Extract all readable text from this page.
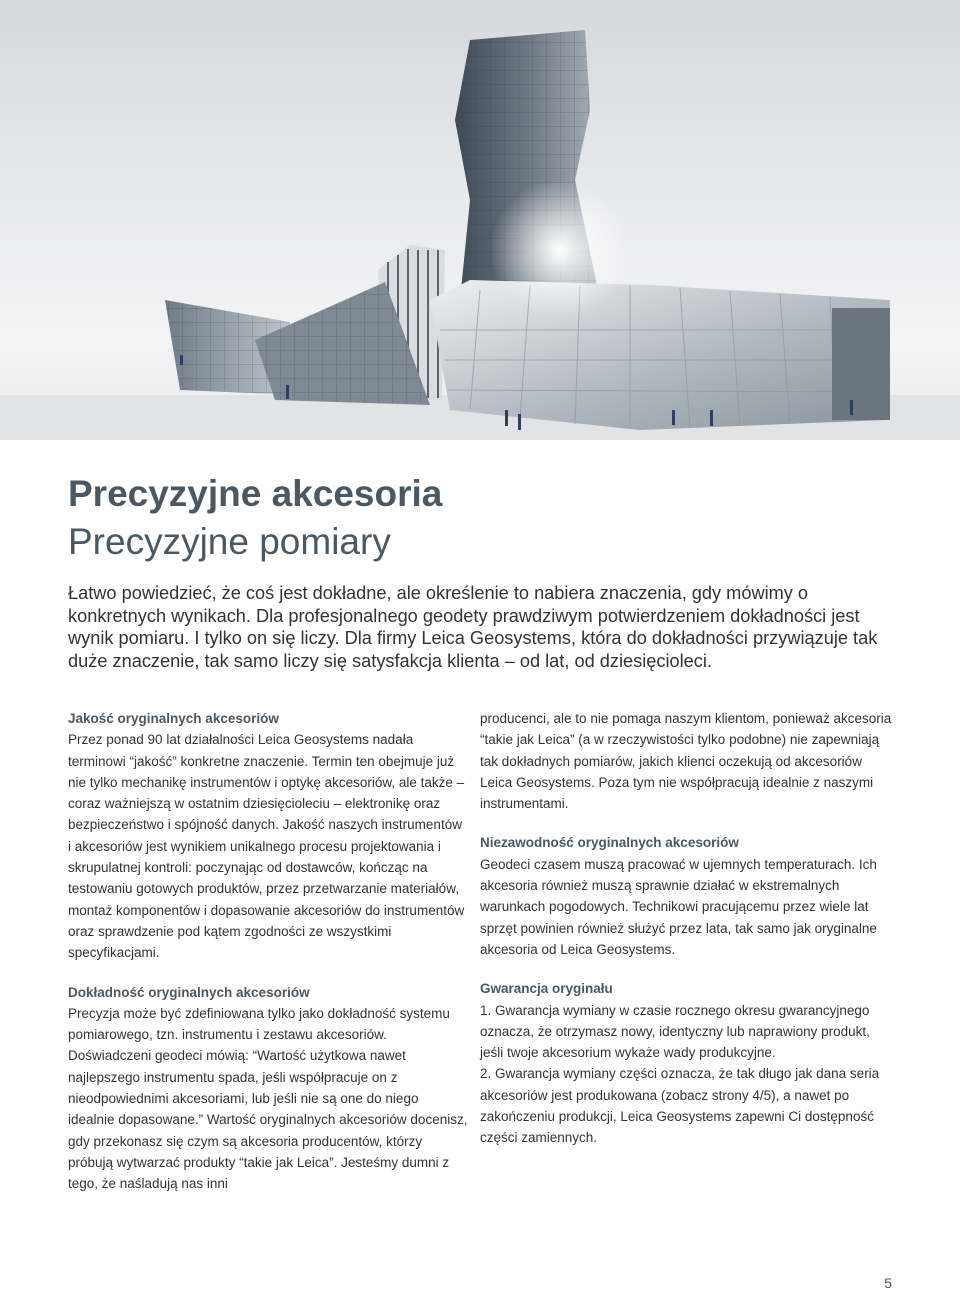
Precyzyjne akcesoria
Precyzyjne pomiary

Łatwo powiedzieć, że coś jest dokładne, ale określenie to nabiera znaczenia, gdy mówimy o konkretnych wynikach. Dla profesjonalnego geodety prawdziwym potwierdzeniem dokładności jest wynik pomiaru. I tylko on się liczy. Dla firmy Leica Geosystems, która do dokładności przywiązuje tak duże znaczenie, tak samo liczy się satysfakcja klienta – od lat, od dziesięcioleci.

Jakość oryginalnych akcesoriów

Przez ponad 90 lat działalności Leica Geosystems nadała terminowi “jakość” konkretne znaczenie. Termin ten obejmuje już nie tylko mechanikę instrumentów i optykę akcesoriów, ale także – coraz ważniejszą w ostatnim dziesięcioleciu – elektronikę oraz bezpieczeństwo i spójność danych. Jakość naszych instrumentów i akcesoriów jest wynikiem unikalnego procesu projektowania i skrupulatnej kontroli: poczynając od dostawców, kończąc na testowaniu gotowych produktów, przez przetwarzanie materiałów, montaż komponentów i dopasowanie akcesoriów do instrumentów oraz sprawdzenie pod kątem zgodności ze wszystkimi specyfikacjami.

Dokładność oryginalnych akcesoriów

Precyzja może być zdefiniowana tylko jako dokładność systemu pomiarowego, tzn. instrumentu i zestawu akcesoriów. Doświadczeni geodeci mówią: “Wartość użytkowa nawet najlepszego instrumentu spada, jeśli współpracuje on z nieodpowiednimi akcesoriami, lub jeśli nie są one do niego idealnie dopasowane.” Wartość oryginalnych akcesoriów docenisz, gdy przekonasz się czym są akcesoria producentów, którzy próbują wytwarzać produkty “takie jak Leica”. Jesteśmy dumni z tego, że naśladują nas inni

producenci, ale to nie pomaga naszym klientom, ponieważ akcesoria “takie jak Leica” (a w rzeczywistości tylko podobne) nie zapewniają tak dokładnych pomiarów, jakich klienci oczekują od akcesoriów Leica Geosystems. Poza tym nie współpracują idealnie z naszymi instrumentami.

Niezawodność oryginalnych akcesoriów

Geodeci czasem muszą pracować w ujemnych temperaturach. Ich akcesoria również muszą sprawnie działać w ekstremalnych warunkach pogodowych. Technikowi pracującemu przez wiele lat sprzęt powinien również służyć przez lata, tak samo jak oryginalne akcesoria od Leica Geosystems.

Gwarancja oryginału

1. Gwarancja wymiany w czasie rocznego okresu gwarancyjnego oznacza, że otrzymasz nowy, identyczny lub naprawiony produkt, jeśli twoje akcesorium wykaże wady produkcyjne.

2. Gwarancja wymiany części oznacza, że tak długo jak dana seria akcesoriów jest produkowana (zobacz strony 4/5), a nawet po zakończeniu produkcji, Leica Geosystems zapewni Ci dostępność części zamiennych.

5
